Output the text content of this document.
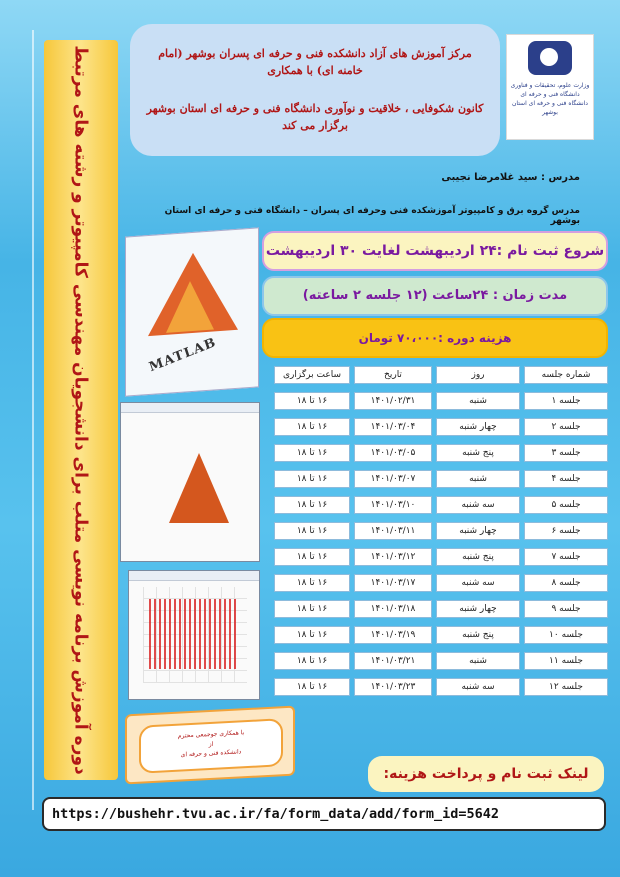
دوره آموزش برنامه نویسی متلب برای دانشجویان مهندسی کامپیوتر و رشته های مرتبط	مرکز آموزش های آزاد دانشکده فنی و حرفه ای پسران بوشهر (امام خامنه ای) با همکاری

کانون شکوفایی ، خلاقیت و نوآوری دانشگاه فنی و حرفه ای استان بوشهر برگزار می کند

وزارت علوم، تحقیقات و فناوری
دانشگاه فنی و حرفه ای
دانشگاه فنی و حرفه ای استان بوشهر
مدرس : سید غلامرضا نجیبی
مدرس گروه برق و کامپیوتر آموزشکده فنی وحرفه ای پسران – دانشگاه فنی و حرفه ای استان بوشهر
شروع ثبت نام :۲۴ اردیبهشت لغایت ۳۰ اردیبهشت
مدت زمان : ۲۴ساعت (۱۲ جلسه ۲ ساعته)
هزینه دوره :۷۰،۰۰۰ تومان
MATLAB	شماره جلسه
روز
تاریخ
ساعت برگزاری
جلسه ۱
شنبه
۱۴۰۱/۰۲/۳۱
۱۶ تا ۱۸
جلسه ۲
چهار شنبه
۱۴۰۱/۰۳/۰۴
۱۶ تا ۱۸
جلسه ۳
پنج شنبه
۱۴۰۱/۰۳/۰۵
۱۶ تا ۱۸
جلسه ۴
شنبه
۱۴۰۱/۰۳/۰۷
۱۶ تا ۱۸
جلسه ۵
سه شنبه
۱۴۰۱/۰۳/۱۰
۱۶ تا ۱۸
جلسه ۶
چهار شنبه
۱۴۰۱/۰۳/۱۱
۱۶ تا ۱۸
جلسه ۷
پنج شنبه
۱۴۰۱/۰۳/۱۲
۱۶ تا ۱۸
جلسه ۸
سه شنبه
۱۴۰۱/۰۳/۱۷
۱۶ تا ۱۸
جلسه ۹
چهار شنبه
۱۴۰۱/۰۳/۱۸
۱۶ تا ۱۸
جلسه ۱۰
پنج شنبه
۱۴۰۱/۰۳/۱۹
۱۶ تا ۱۸
جلسه ۱۱
شنبه
۱۴۰۱/۰۳/۲۱
۱۶ تا ۱۸
جلسه ۱۲
سه شنبه
۱۴۰۱/۰۳/۲۳
۱۶ تا ۱۸
با همکاری جوجمعی محترم
از
دانشکده فنی و حرفه ای
لینک ثبت نام و پرداخت هزینه:
https://bushehr.tvu.ac.ir/fa/form_data/add/form_id=5642
